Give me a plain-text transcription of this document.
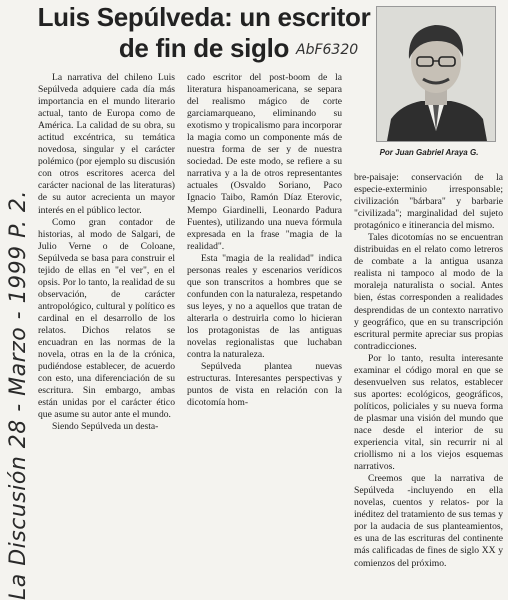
Luis Sepúlveda: un escritor de fin de siglo AbF6320
La Discusión 28 - Marzo - 1999 P. 2.
Por Juan Gabriel Araya G.

La narrativa del chileno Luis Sepúlveda adquiere cada día más importancia en el mundo literario actual, tanto de Europa como de América. La calidad de su obra, su actitud excéntrica, su temática novedosa, singular y el carácter polémico (por ejemplo su discusión con otros escritores acerca del carácter nacional de las literaturas) de su autor acrecienta un mayor interés en el público lector.

Como gran contador de historias, al modo de Salgari, de Julio Verne o de Coloane, Sepúlveda se basa para construir el tejido de ellas en "el ver", en el opsis. Por lo tanto, la realidad de su observación, de carácter antropológico, cultural y político es cardinal en el desarrollo de los relatos. Dichos relatos se encuadran en las normas de la novela, otras en la de la crónica, pudiéndose establecer, de acuerdo con esto, una diferenciación de su escritura. Sin embargo, ambas están unidas por el carácter ético que asume su autor ante el mundo.

Siendo Sepúlveda un desta-

cado escritor del post-boom de la literatura hispanoamericana, se separa del realismo mágico de corte garciamarqueano, eliminando su exotismo y tropicalismo para incorporar la magia como un componente más de nuestra forma de ser y de nuestra sociedad. De este modo, se refiere a su narrativa y a la de otros representantes actuales (Osvaldo Soriano, Paco Ignacio Taibo, Ramón Díaz Eterovic, Mempo Giardinelli, Leonardo Padura Fuentes), utilizando una nueva fórmula expresada en la frase "magia de la realidad".

Esta "magia de la realidad" indica personas reales y escenarios verídicos que son transcritos a hombres que se confunden con la naturaleza, respetando sus leyes, y no a aquellos que tratan de alterarla o destruirla como lo hicieran los protagonistas de las antiguas novelas regionalistas que luchaban contra la naturaleza.

Sepúlveda plantea nuevas estructuras. Interesantes perspectivas y puntos de vista en relación con la dicotomía hom-

bre-paisaje: conservación de la especie-exterminio irresponsable; civilización "bárbara" y barbarie "civilizada"; marginalidad del sujeto protagónico e itinerancia del mismo.

Tales dicotomías no se encuentran distribuidas en el relato como letreros de combate a la antigua usanza realista ni tampoco al modo de la moraleja naturalista o social. Antes bien, éstas corresponden a realidades desprendidas de un contexto narrativo y geográfico, que en su transcripción escritural permite apreciar sus propias contradicciones.

Por lo tanto, resulta interesante examinar el código moral en que se desenvuelven sus relatos, establecer sus aportes: ecológicos, geográficos, políticos, policiales y su nueva forma de plasmar una visión del mundo que nace desde el interior de su experiencia vital, sin recurrir ni al criollismo ni a los viejos esquemas narrativos.

Creemos que la narrativa de Sepúlveda -incluyendo en ella novelas, cuentos y relatos- por la inéditez del tratamiento de sus temas y por la audacia de sus planteamientos, es una de las escrituras del continente más calificadas de fines de siglo XX y comienzos del próximo.
